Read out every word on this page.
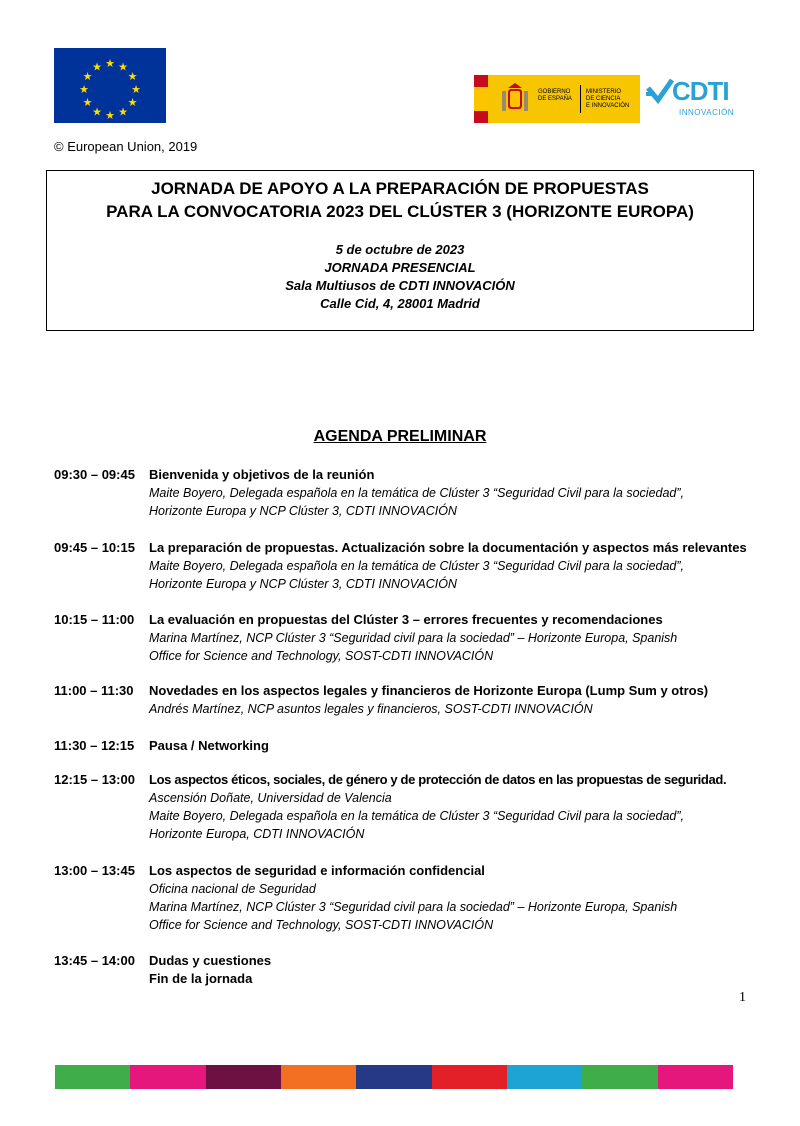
★ ★
★
★
★
★
★
★
★
★
★
★
GOBIERNO
DE ESPAÑA
MINISTERIO
DE CIENCIA
E INNOVACIÓN CDTI
INNOVACIÓN
© European Union, 2019
JORNADA DE APOYO A LA PREPARACIÓN DE PROPUESTAS
PARA LA CONVOCATORIA 2023 DEL CLÚSTER 3 (HORIZONTE EUROPA)
5 de octubre de 2023
JORNADA PRESENCIAL
Sala Multiusos de CDTI INNOVACIÓN
Calle Cid, 4, 28001 Madrid
AGENDA PRELIMINAR
09:30 – 09:45 Bienvenida y objetivos de la reunión
Maite Boyero, Delegada española en la temática de Clúster 3 “Seguridad Civil para la sociedad”,
Horizonte Europa y NCP Clúster 3, CDTI INNOVACIÓN
09:45 – 10:15 La preparación de propuestas. Actualización sobre la documentación y aspectos más relevantes
Maite Boyero, Delegada española en la temática de Clúster 3 “Seguridad Civil para la sociedad”,
Horizonte Europa y NCP Clúster 3, CDTI INNOVACIÓN
10:15 – 11:00 La evaluación en propuestas del Clúster 3 – errores frecuentes y recomendaciones
Marina Martínez, NCP Clúster 3 “Seguridad civil para la sociedad” – Horizonte Europa, Spanish
Office for Science and Technology, SOST-CDTI INNOVACIÓN
11:00 – 11:30 Novedades en los aspectos legales y financieros de Horizonte Europa (Lump Sum y otros)
Andrés Martínez, NCP asuntos legales y financieros, SOST-CDTI INNOVACIÓN
11:30 – 12:15 Pausa / Networking
12:15 – 13:00 Los aspectos éticos, sociales, de género y de protección de datos en las propuestas de seguridad.
Ascensión Doñate, Universidad de Valencia
Maite Boyero, Delegada española en la temática de Clúster 3 “Seguridad Civil para la sociedad”,
Horizonte Europa, CDTI INNOVACIÓN
13:00 – 13:45 Los aspectos de seguridad e información confidencial
Oficina nacional de Seguridad
Marina Martínez, NCP Clúster 3 “Seguridad civil para la sociedad” – Horizonte Europa, Spanish
Office for Science and Technology, SOST-CDTI INNOVACIÓN
13:45 – 14:00 Dudas y cuestiones
Fin de la jornada
1
